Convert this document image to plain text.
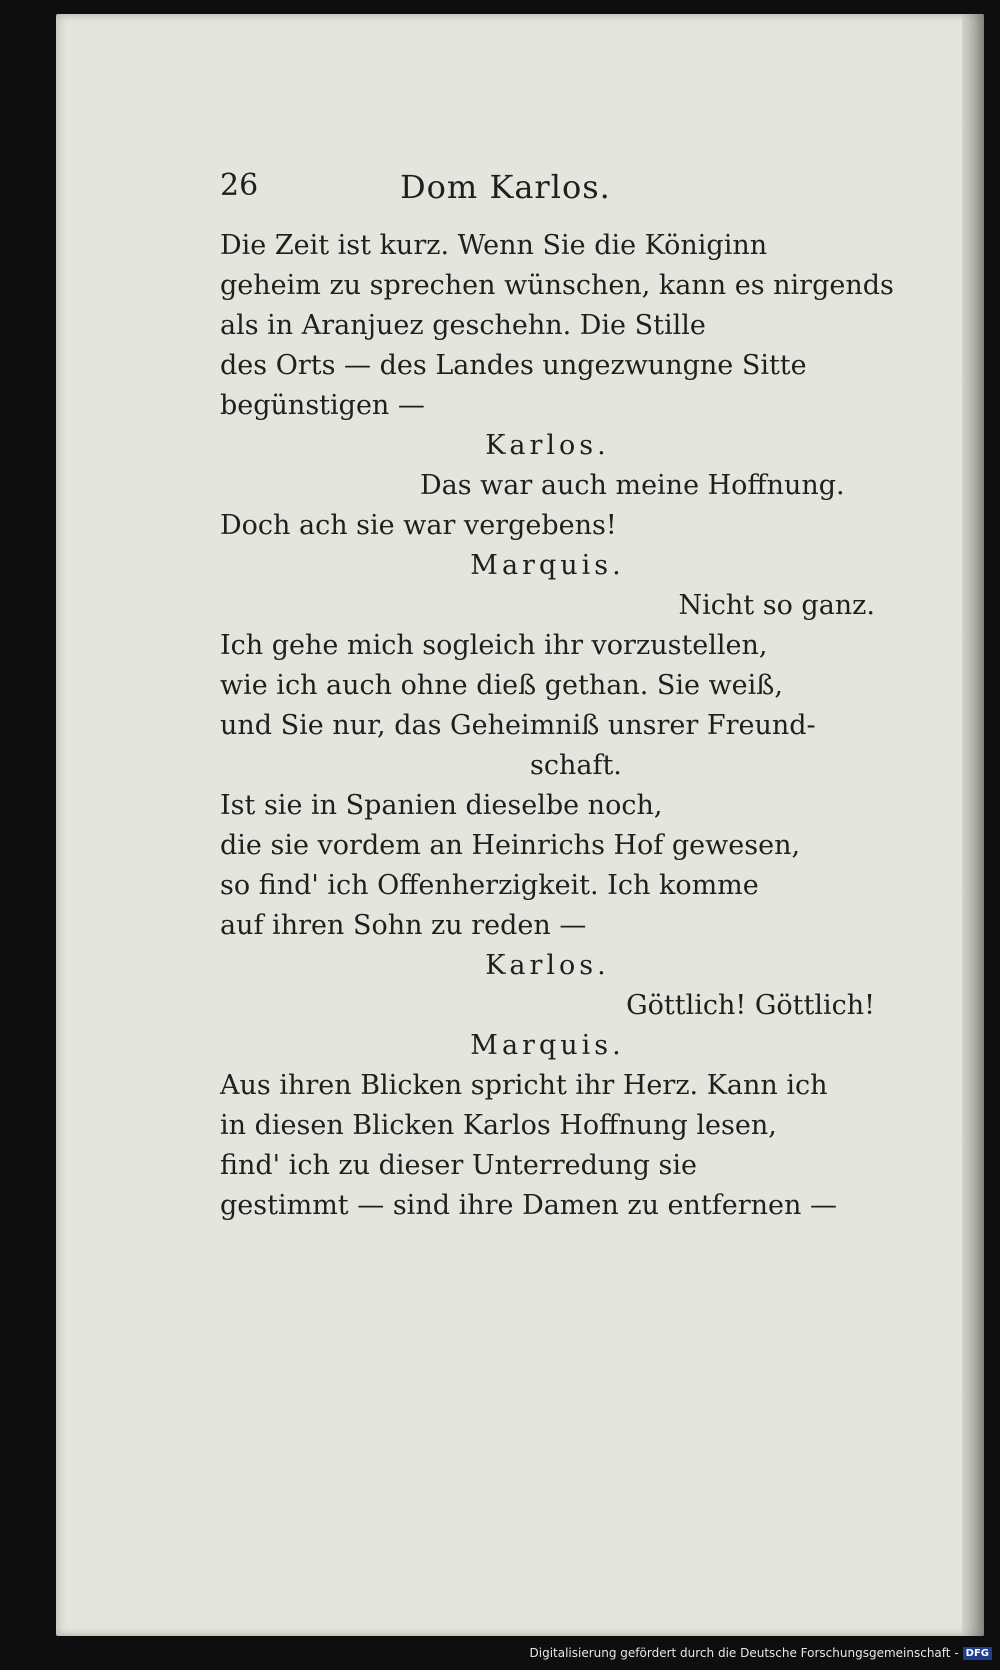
26	Dom Karlos.
Die Zeit ist kurz. Wenn Sie die Königinn
geheim zu sprechen wünschen, kann es nirgends
als in Aranjuez geschehn. Die Stille
des Orts — des Landes ungezwungne Sitte
begünstigen —
Karlos.
Das war auch meine Hoffnung.
Doch ach sie war vergebens!
Marquis.
Nicht so ganz.
Ich gehe mich sogleich ihr vorzustellen,
wie ich auch ohne dieß gethan. Sie weiß,
und Sie nur, das Geheimniß unsrer Freund-
schaft.
Ist sie in Spanien dieselbe noch,
die sie vordem an Heinrichs Hof gewesen,
so find' ich Offenherzigkeit. Ich komme
auf ihren Sohn zu reden —
Karlos.
Göttlich! Göttlich!
Marquis.
Aus ihren Blicken spricht ihr Herz. Kann ich
in diesen Blicken Karlos Hoffnung lesen,
find' ich zu dieser Unterredung sie
gestimmt — sind ihre Damen zu entfernen —
Digitalisierung gefördert durch die Deutsche Forschungsgemeinschaft - DFG
